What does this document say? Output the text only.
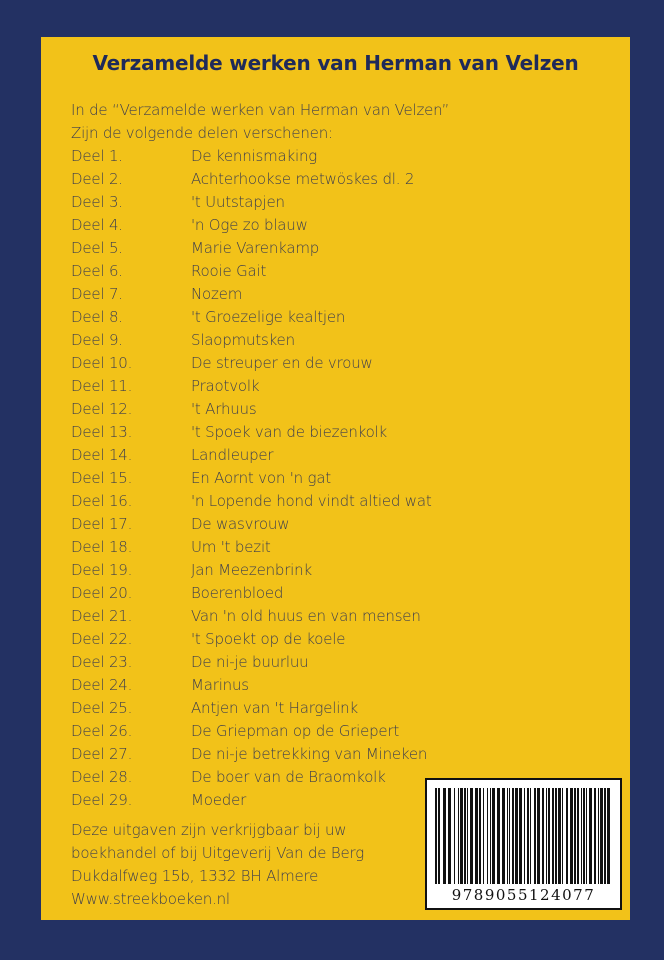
Verzamelde werken van Herman van Velzen
In de “Verzamelde werken van Herman van Velzen”
Zijn de volgende delen verschenen:
Deel 1.	De kennismaking
Deel 2.	Achterhookse metwöskes dl. 2
Deel 3.	't Uutstapjen
Deel 4.	'n Oge zo blauw
Deel 5.	Marie Varenkamp
Deel 6.	Rooie Gait
Deel 7.	Nozem
Deel 8.	't Groezelige kealtjen
Deel 9.	Slaopmutsken
Deel 10.	De streuper en de vrouw
Deel 11.	Praotvolk
Deel 12.	't Arhuus
Deel 13.	't Spoek van de biezenkolk
Deel 14.	Landleuper
Deel 15.	En Aornt von 'n gat
Deel 16.	'n Lopende hond vindt altied wat
Deel 17.	De wasvrouw
Deel 18.	Um 't bezit
Deel 19.	Jan Meezenbrink
Deel 20.	Boerenbloed
Deel 21.	Van 'n old huus en van mensen
Deel 22.	't Spoekt op de koele
Deel 23.	De ni-je buurluu
Deel 24.	Marinus
Deel 25.	Antjen van 't Hargelink
Deel 26.	De Griepman op de Griepert
Deel 27.	De ni-je betrekking van Mineken
Deel 28.	De boer van de Braomkolk
Deel 29.	Moeder
Deze uitgaven zijn verkrijgbaar bij uw
boekhandel of bij Uitgeverij Van de Berg
Dukdalfweg 15b, 1332 BH Almere
Www.streekboeken.nl	9789055124077
